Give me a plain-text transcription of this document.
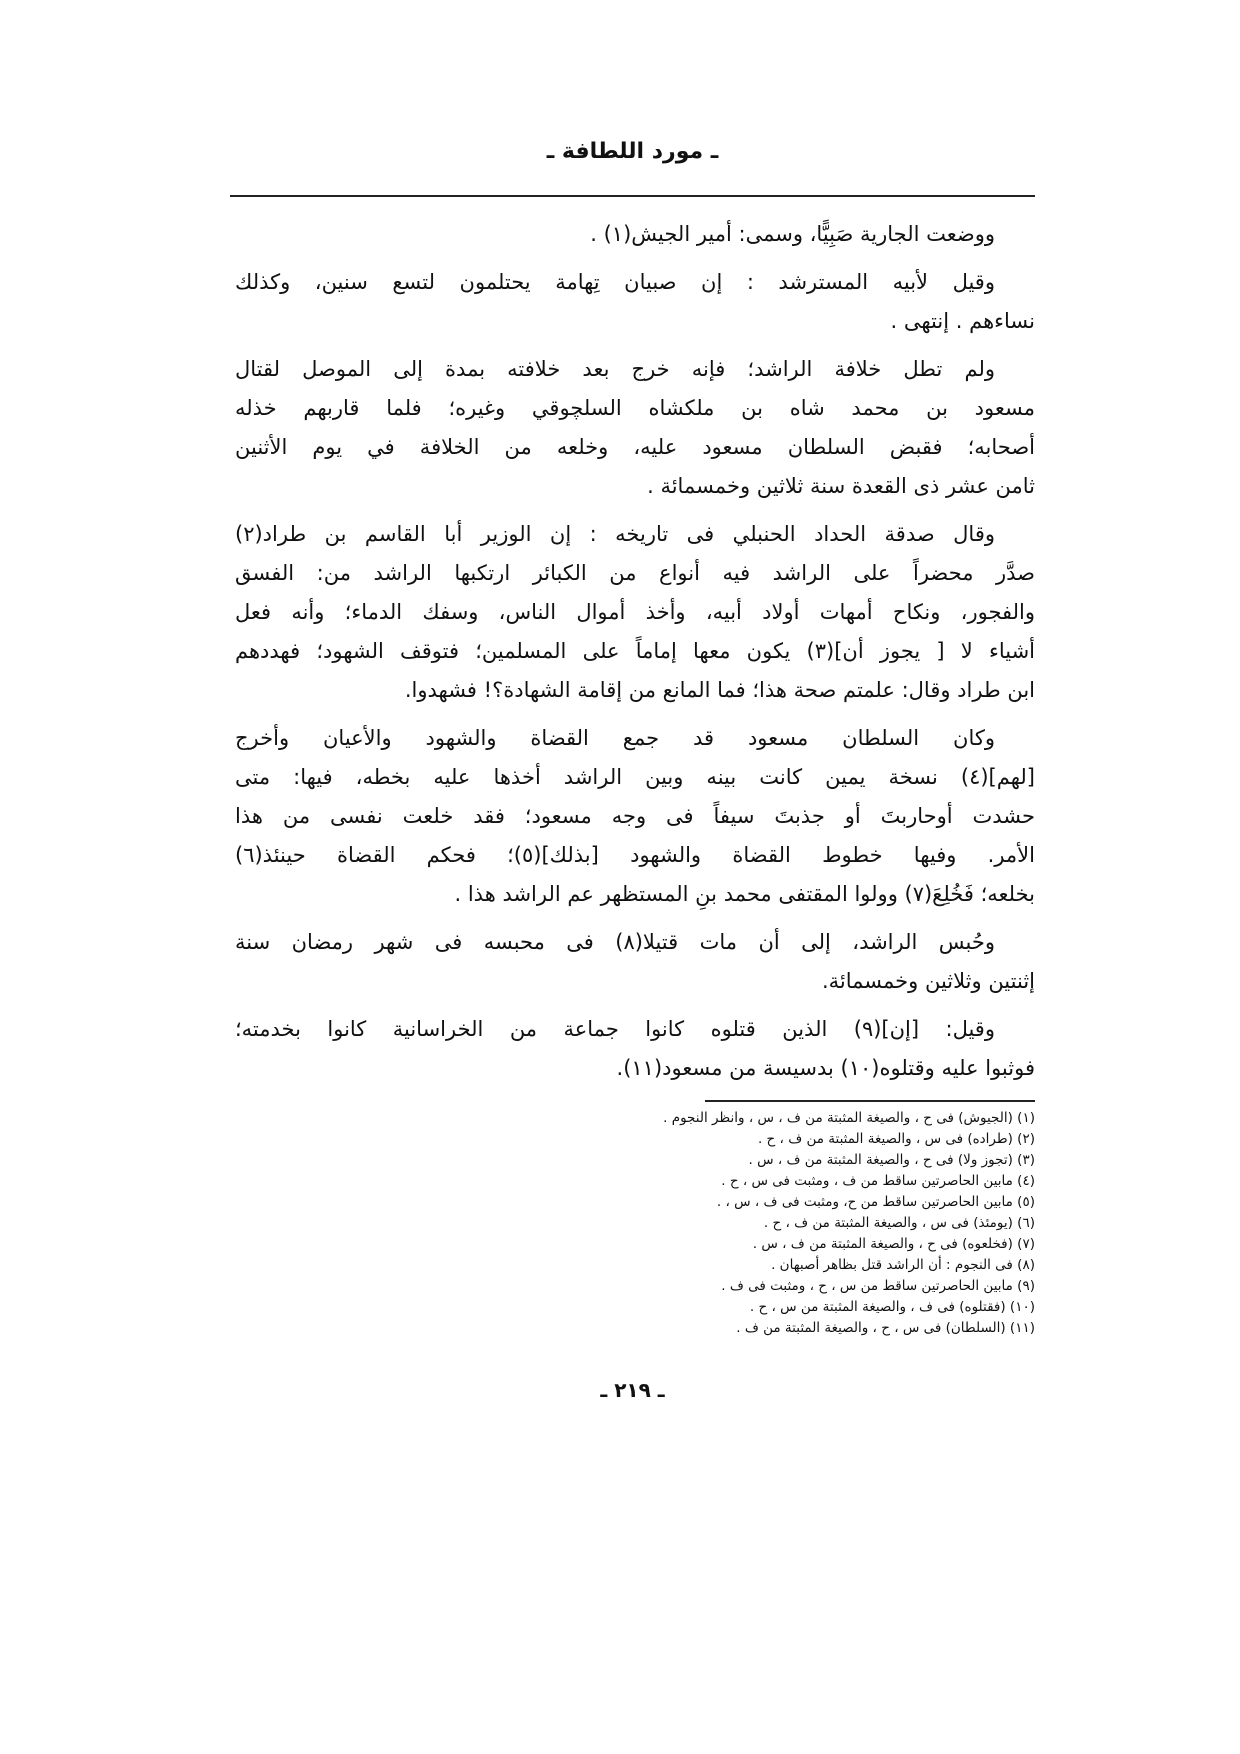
ـ مورد اللطافة ـ
ووضعت الجارية صَبِيًّا، وسمى: أمير الجيش(١) .
وقيل لأبيه المسترشد : إن صبيان تِهامة يحتلمون لتسع سنين، وكذلك
نساءهم . إنتهى .
ولم تطل خلافة الراشد؛ فإنه خرج بعد خلافته بمدة إلى الموصل لقتال
مسعود بن محمد شاه بن ملكشاه السلچوقي وغيره؛ فلما قاربهم خذله
أصحابه؛ فقبض السلطان مسعود عليه، وخلعه من الخلافة في يوم الأثنين
ثامن عشر ذى القعدة سنة ثلاثين وخمسمائة .
وقال صدقة الحداد الحنبلي فى تاريخه : إن الوزير أبا القاسم بن طراد(٢)
صدَّر محضراً على الراشد فيه أنواع من الكبائر ارتكبها الراشد من: الفسق
والفجور، ونكاح أمهات أولاد أبيه، وأخذ أموال الناس، وسفك الدماء؛ وأنه فعل
أشياء لا [ يجوز أن](٣) يكون معها إماماً على المسلمين؛ فتوقف الشهود؛ فهددهم
ابن طراد وقال: علمتم صحة هذا؛ فما المانع من إقامة الشهادة؟! فشهدوا.
وكان السلطان مسعود قد جمع القضاة والشهود والأعيان وأخرج
[لهم](٤) نسخة يمين كانت بينه وبين الراشد أخذها عليه بخطه، فيها: متى
حشدت أوحاربتَ أو جذبتَ سيفاً فى وجه مسعود؛ فقد خلعت نفسى من هذا
الأمر. وفيها خطوط القضاة والشهود [بذلك](٥)؛ فحكم القضاة حينئذ(٦)
بخلعه؛ فَخُلِعَ(٧) وولوا المقتفى محمد بنِ المستظهر عم الراشد هذا .
وحُبس الراشد، إلى أن مات قتيلا(٨) فى محبسه فى شهر رمضان سنة
إثنتين وثلاثين وخمسمائة.
وقيل: [إن](٩) الذين قتلوه كانوا جماعة من الخراسانية كانوا بخدمته؛
فوثبوا عليه وقتلوه(١٠) بدسيسة من مسعود(١١).
(١) (الجيوش) فى ح ، والصيغة المثبتة من ف ، س ، وانظر النجوم .
(٢) (طراده) فى س ، والصيغة المثبتة من ف ، ح .
(٣) (تجوز ولا) فى ح ، والصيغة المثبتة من ف ، س .
(٤) مابين الحاصرتين ساقط من ف ، ومثبت فى س ، ح .
(٥) مابين الحاصرتين ساقط من ح، ومثبت فى ف ، س ، .
(٦) (يومئذ) فى س ، والصيغة المثبتة من ف ، ح .
(٧) (فخلعوه) فى ح ، والصيغة المثبتة من ف ، س .
(٨) فى النجوم : أن الراشد قتل بظاهر أصبهان .
(٩) مابين الحاصرتين ساقط من س ، ح ، ومثبت فى ف .
(١٠) (فقتلوه) فى ف ، والصيغة المثبتة من س ، ح .
(١١) (السلطان) فى س ، ح ، والصيغة المثبتة من ف .
ـ ٢١٩ ـ
